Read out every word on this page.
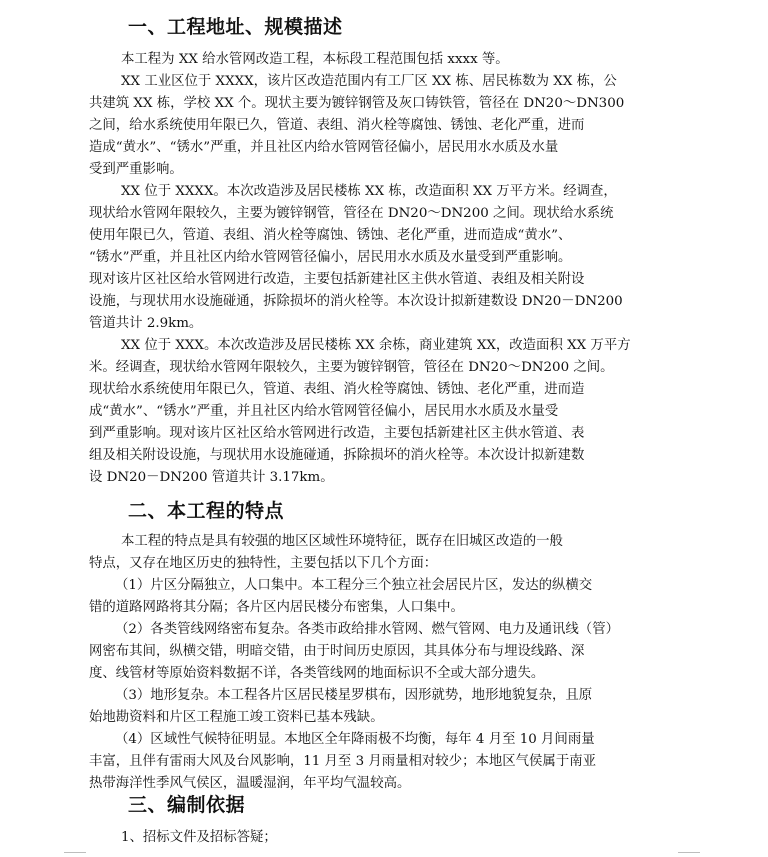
一、工程地址、规模描述
本工程为 XX 给水管网改造工程，本标段工程范围包括 xxxx 等。
XX 工业区位于 XXXX，该片区改造范围内有工厂区 XX 栋、居民栋数为 XX 栋，公
共建筑 XX 栋，学校 XX 个。现状主要为镀锌钢管及灰口铸铁管，管径在 DN20～DN300
之间，给水系统使用年限已久，管道、表组、消火栓等腐蚀、锈蚀、老化严重，进而
造成“黄水”、“锈水”严重，并且社区内给水管网管径偏小，居民用水水质及水量
受到严重影响。
XX 位于 XXXX。本次改造涉及居民楼栋 XX 栋，改造面积 XX 万平方米。经调查，
现状给水管网年限较久，主要为镀锌钢管，管径在 DN20～DN200 之间。现状给水系统
使用年限已久，管道、表组、消火栓等腐蚀、锈蚀、老化严重，进而造成“黄水”、
“锈水”严重，并且社区内给水管网管径偏小，居民用水水质及水量受到严重影响。
现对该片区社区给水管网进行改造，主要包括新建社区主供水管道、表组及相关附设
设施，与现状用水设施碰通，拆除损坏的消火栓等。本次设计拟新建数设 DN20－DN200
管道共计 2.9km。
XX 位于 XXX。本次改造涉及居民楼栋 XX 余栋，商业建筑 XX，改造面积 XX 万平方
米。经调查，现状给水管网年限较久，主要为镀锌钢管，管径在 DN20～DN200 之间。
现状给水系统使用年限已久，管道、表组、消火栓等腐蚀、锈蚀、老化严重，进而造
成“黄水”、“锈水”严重，并且社区内给水管网管径偏小，居民用水水质及水量受
到严重影响。现对该片区社区给水管网进行改造，主要包括新建社区主供水管道、表
组及相关附设设施，与现状用水设施碰通，拆除损坏的消火栓等。本次设计拟新建数
设 DN20－DN200 管道共计 3.17km。
二、本工程的特点
本工程的特点是具有较强的地区区域性环境特征，既存在旧城区改造的一般
特点，又存在地区历史的独特性，主要包括以下几个方面：
（1）片区分隔独立，人口集中。本工程分三个独立社会居民片区，发达的纵横交
错的道路网路将其分隔；各片区内居民楼分布密集，人口集中。
（2）各类管线网络密布复杂。各类市政给排水管网、燃气管网、电力及通讯线（管）
网密布其间，纵横交错，明暗交错，由于时间历史原因，其具体分布与埋设线路、深
度、线管材等原始资料数据不详，各类管线网的地面标识不全或大部分遗失。
（3）地形复杂。本工程各片区居民楼星罗棋布，因形就势，地形地貌复杂，且原
始地勘资料和片区工程施工竣工资料已基本残缺。
（4）区域性气候特征明显。本地区全年降雨极不均衡，每年 4 月至 10 月间雨量
丰富，且伴有雷雨大风及台风影响，11 月至 3 月雨量相对较少；本地区气侯属于南亚
热带海洋性季风气侯区，温暖湿润，年平均气温较高。
三、编制依据
1、招标文件及招标答疑；
